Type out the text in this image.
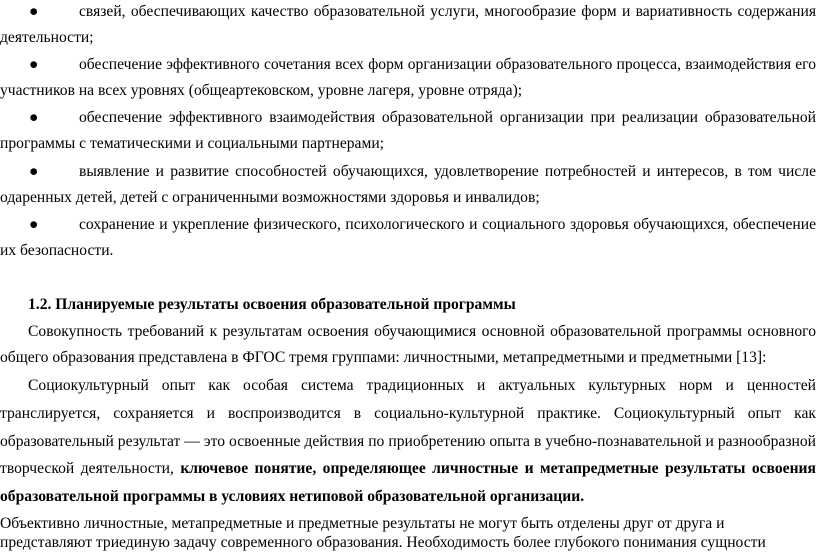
●	связей, обеспечивающих качество образовательной услуги, многообразие форм и вариативность содержания
деятельности;
●	обеспечение эффективного сочетания всех форм организации образовательного процесса, взаимодействия его
участников на всех уровнях (общеартековском, уровне лагеря, уровне отряда);
●	обеспечение эффективного взаимодействия образовательной организации при реализации образовательной
программы с тематическими и социальными партнерами;
●	выявление и развитие способностей обучающихся, удовлетворение потребностей и интересов, в том числе
одаренных детей, детей с ограниченными возможностями здоровья и инвалидов;
●	сохранение и укрепление физического, психологического и социального здоровья обучающихся, обеспечение
их безопасности.
1.2. Планируемые результаты освоения образовательной программы
Совокупность требований к результатам освоения обучающимися основной образовательной программы основного
общего образования представлена в ФГОС тремя группами: личностными, метапредметными и предметными [13]:
Социокультурный опыт как особая система традиционных и актуальных культурных норм и ценностей
транслируется, сохраняется и воспроизводится в социально-культурной практике. Социокультурный опыт как
образовательный результат — это освоенные действия по приобретению опыта в учебно-познавательной и разнообразной
творческой деятельности, ключевое понятие, определяющее личностные и метапредметные результаты освоения
образовательной программы в условиях нетиповой образовательной организации.
Объективно личностные, метапредметные и предметные результаты не могут быть отделены друг от друга и
представляют триединую задачу современного образования. Необходимость более глубокого понимания сущности
